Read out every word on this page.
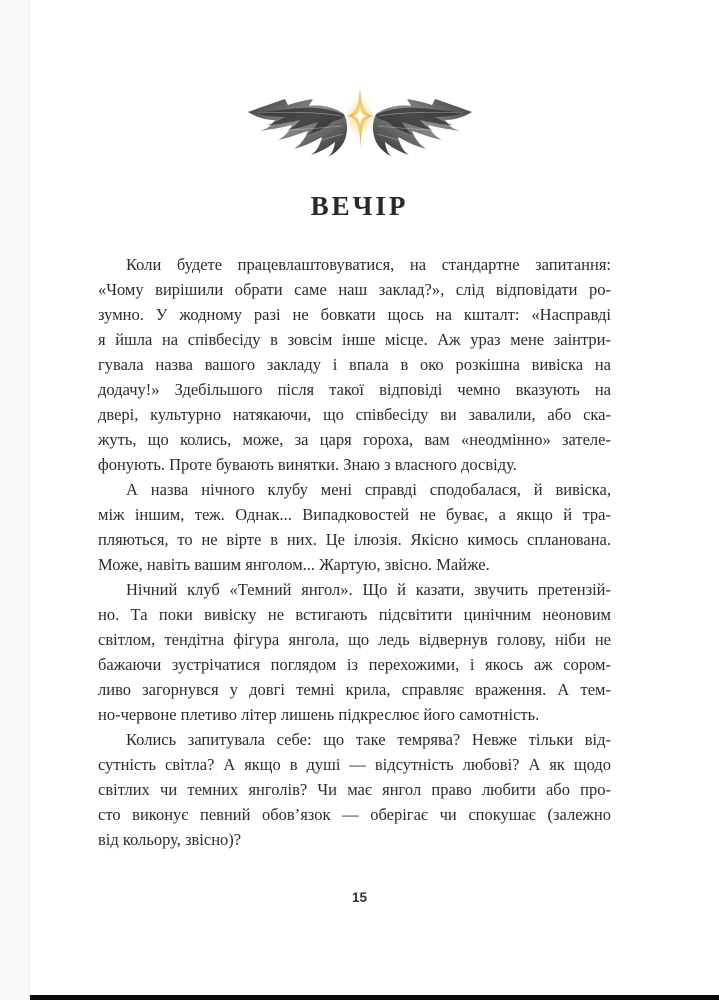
ВЕЧІР
Коли будете працевлаштовуватися, на стандартне запитання:
«Чому вирішили обрати саме наш заклад?», слід відповідати ро-
зумно. У жодному разі не бовкати щось на кшталт: «Насправді
я йшла на співбесіду в зовсім інше місце. Аж ураз мене заінтри-
гувала назва вашого закладу і впала в око розкішна вивіска на
додачу!» Здебільшого після такої відповіді чемно вказують на
двері, культурно натякаючи, що співбесіду ви завалили, або ска-
жуть, що колись, може, за царя гороха, вам «неодмінно» зателе-
фонують. Проте бувають винятки. Знаю з власного досвіду.
А назва нічного клубу мені справді сподобалася, й вивіска,
між іншим, теж. Однак... Випадковостей не буває, а якщо й тра-
пляються, то не вірте в них. Це ілюзія. Якісно кимось спланована.
Може, навіть вашим янголом... Жартую, звісно. Майже.
Нічний клуб «Темний янгол». Що й казати, звучить претензій-
но. Та поки вивіску не встигають підсвітити цинічним неоновим
світлом, тендітна фігура янгола, що ледь відвернув голову, ніби не
бажаючи зустрічатися поглядом із перехожими, і якось аж сором-
ливо загорнувся у довгі темні крила, справляє враження. А тем-
но-червоне плетиво літер лишень підкреслює його самотність.
Колись запитувала себе: що таке темрява? Невже тільки від-
сутність світла? А якщо в душі — відсутність любові? А як щодо
світлих чи темних янголів? Чи має янгол право любити або про-
сто виконує певний обов’язок — оберігає чи спокушає (залежно
від кольору, звісно)?
15
